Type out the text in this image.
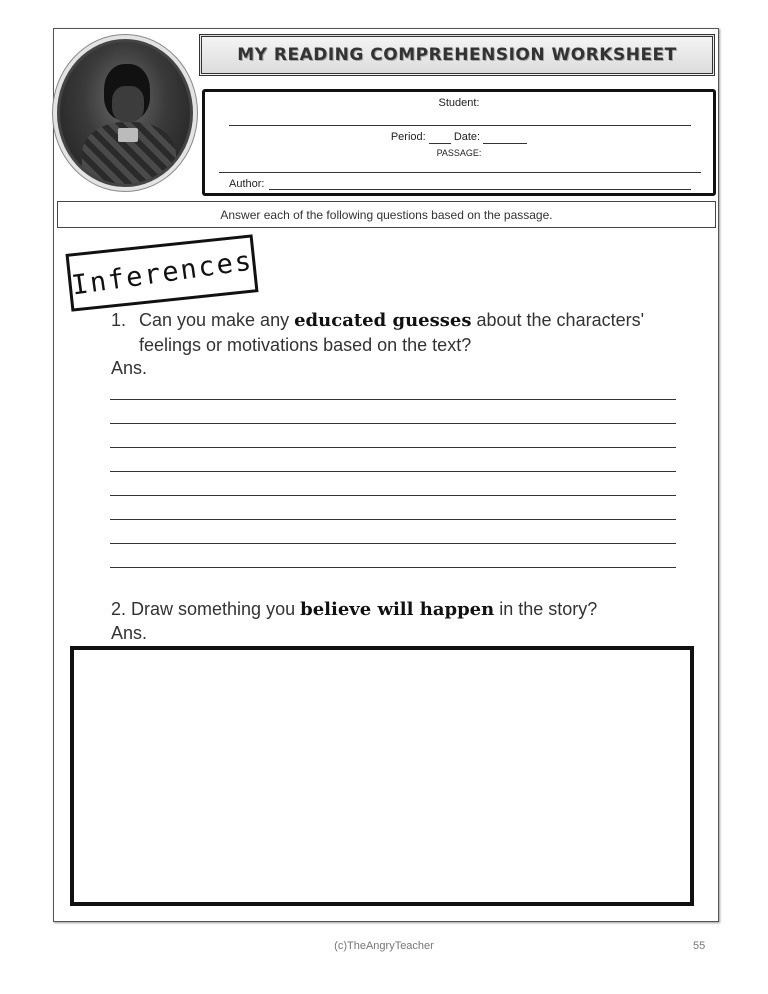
MY READING COMPREHENSION WORKSHEET
Student:
Period:	Date:
PASSAGE:
Author:
Answer each of the following questions based on the passage.
Inferences
1. Can you make any educated guesses about the characters'
feelings or motivations based on the text?
Ans.
2. Draw something you believe will happen in the story?
Ans.
(c)TheAngryTeacher	55
